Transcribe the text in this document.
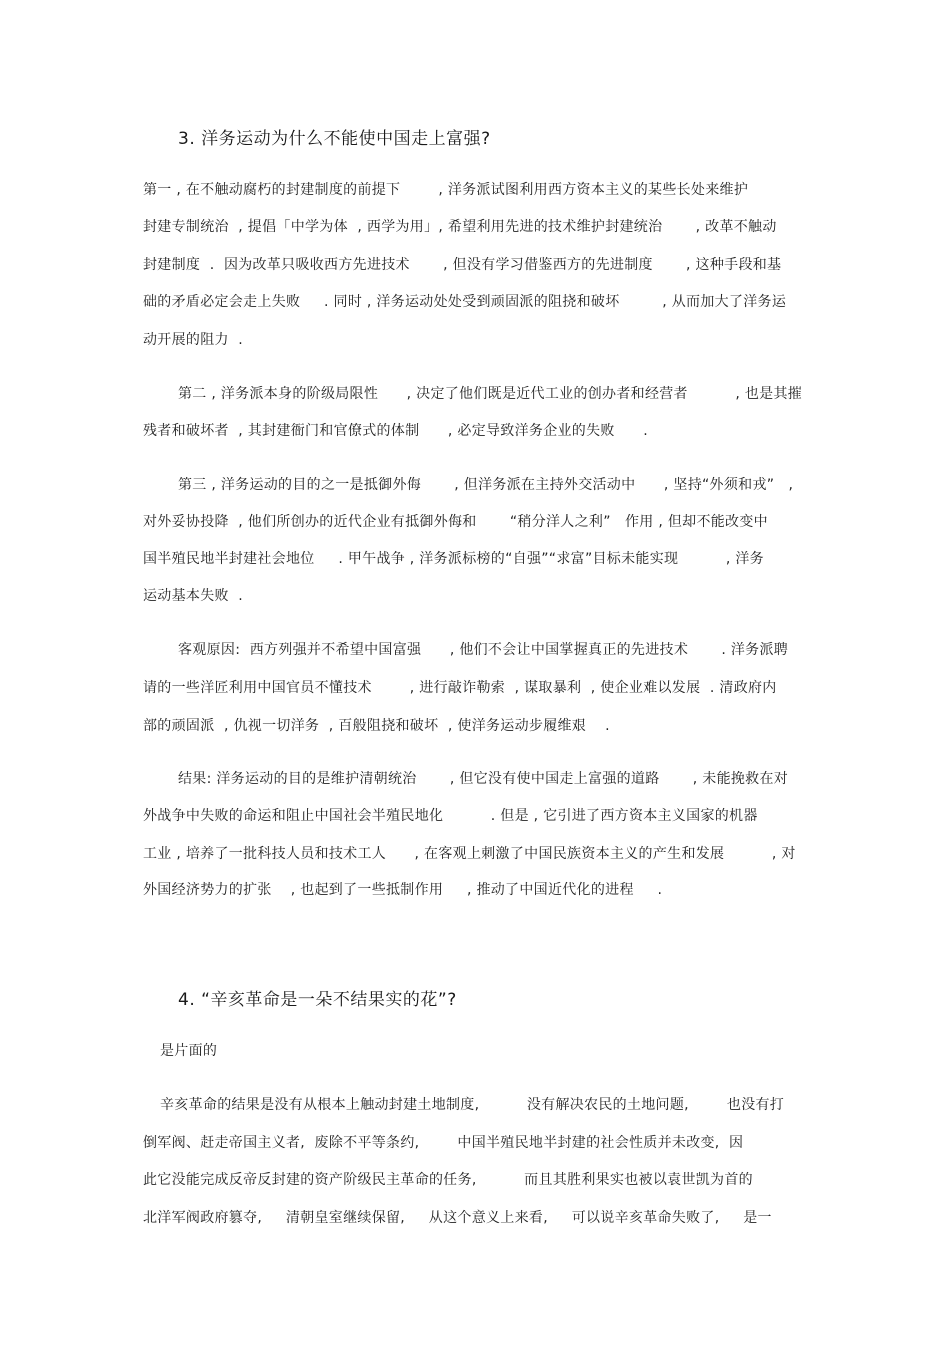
3. 洋务运动为什么不能使中国走上富强?
第一 , 在不触动腐朽的封建制度的前提下        , 洋务派试图利用西方资本主义的某些长处来维护
封建专制统治  , 提倡「中学为体  , 西学为用」, 希望利用先进的技术维护封建统治       , 改革不触动
封建制度  .  因为改革只吸收西方先进技术       , 但没有学习借鉴西方的先进制度       , 这种手段和基
础的矛盾必定会走上失败     . 同时 , 洋务运动处处受到顽固派的阻挠和破坏         , 从而加大了洋务运
动开展的阻力  .
第二 , 洋务派本身的阶级局限性      , 决定了他们既是近代工业的创办者和经营者          , 也是其摧
残者和破坏者  , 其封建衙门和官僚式的体制      , 必定导致洋务企业的失败      .
第三 , 洋务运动的目的之一是抵御外侮       , 但洋务派在主持外交活动中      , 坚持“外须和戎”   ,
对外妥协投降  , 他们所创办的近代企业有抵御外侮和       “稍分洋人之利”   作用 , 但却不能改变中
国半殖民地半封建社会地位     . 甲午战争 , 洋务派标榜的“自强”“求富”目标未能实现          , 洋务
运动基本失败  .
客观原因:  西方列强并不希望中国富强      , 他们不会让中国掌握真正的先进技术       . 洋务派聘
请的一些洋匠利用中国官员不懂技术        , 进行敲诈勒索  , 谋取暴利  , 使企业难以发展  . 清政府内
部的顽固派  , 仇视一切洋务  , 百般阻挠和破坏  , 使洋务运动步履维艰    .
结果: 洋务运动的目的是维护清朝统治       , 但它没有使中国走上富强的道路       , 未能挽救在对
外战争中失败的命运和阻止中国社会半殖民地化          . 但是 , 它引进了西方资本主义国家的机器
工业 , 培养了一批科技人员和技术工人      , 在客观上刺激了中国民族资本主义的产生和发展          , 对
外国经济势力的扩张    , 也起到了一些抵制作用     , 推动了中国近代化的进程     .
4. “辛亥革命是一朵不结果实的花”?
是片面的
辛亥革命的结果是没有从根本上触动封建土地制度,          没有解决农民的土地问题,        也没有打
倒军阀、赶走帝国主义者,  废除不平等条约,        中国半殖民地半封建的社会性质并未改变,  因
此它没能完成反帝反封建的资产阶级民主革命的任务,          而且其胜利果实也被以袁世凯为首的
北洋军阀政府篡夺,     清朝皇室继续保留,     从这个意义上来看,     可以说辛亥革命失败了,     是一
